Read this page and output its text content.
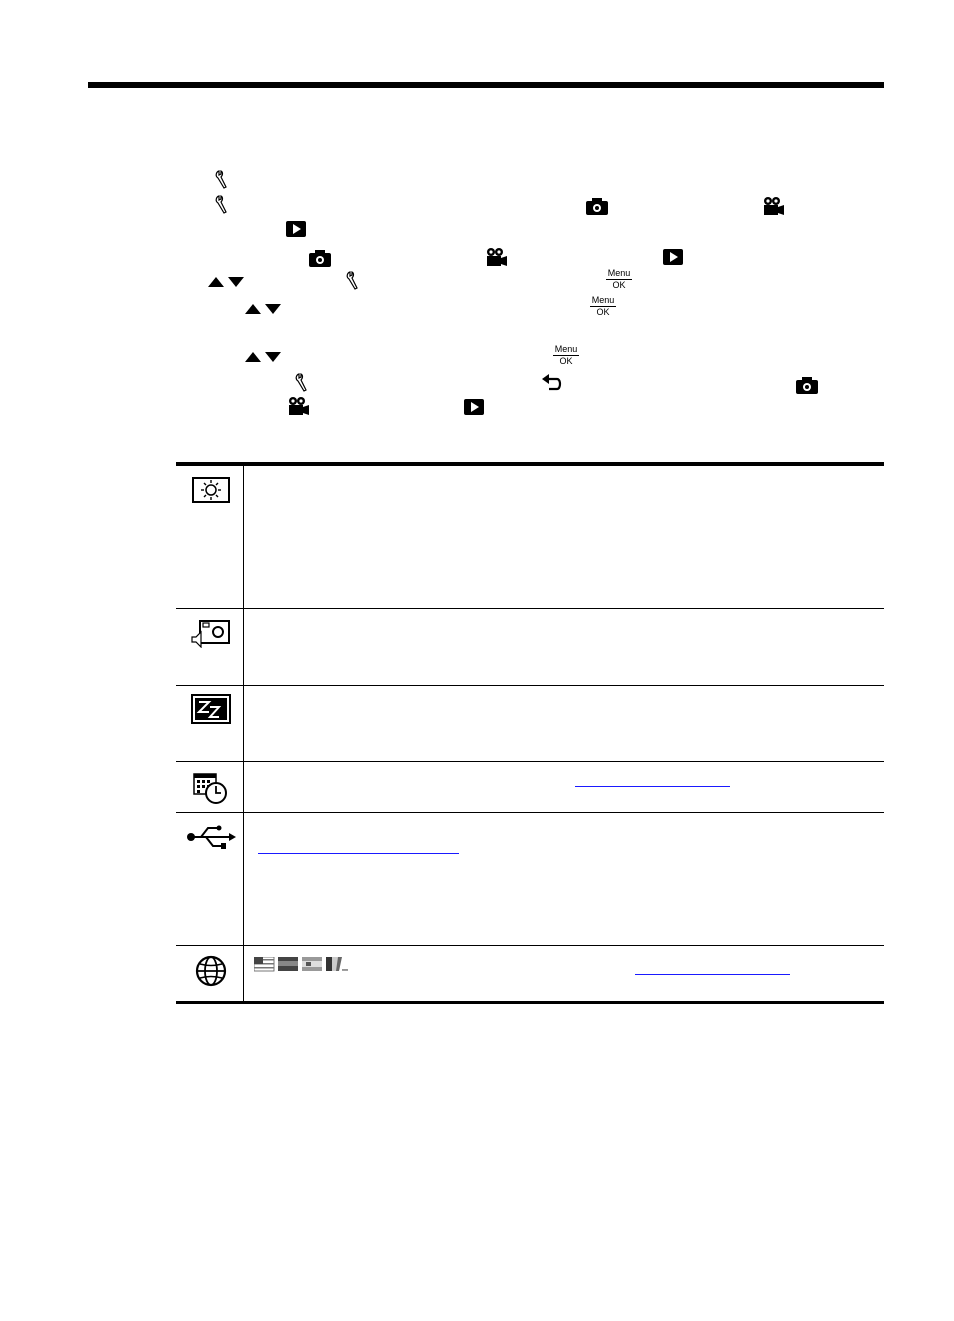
Menu
OK
Menu
OK
Menu
OK
